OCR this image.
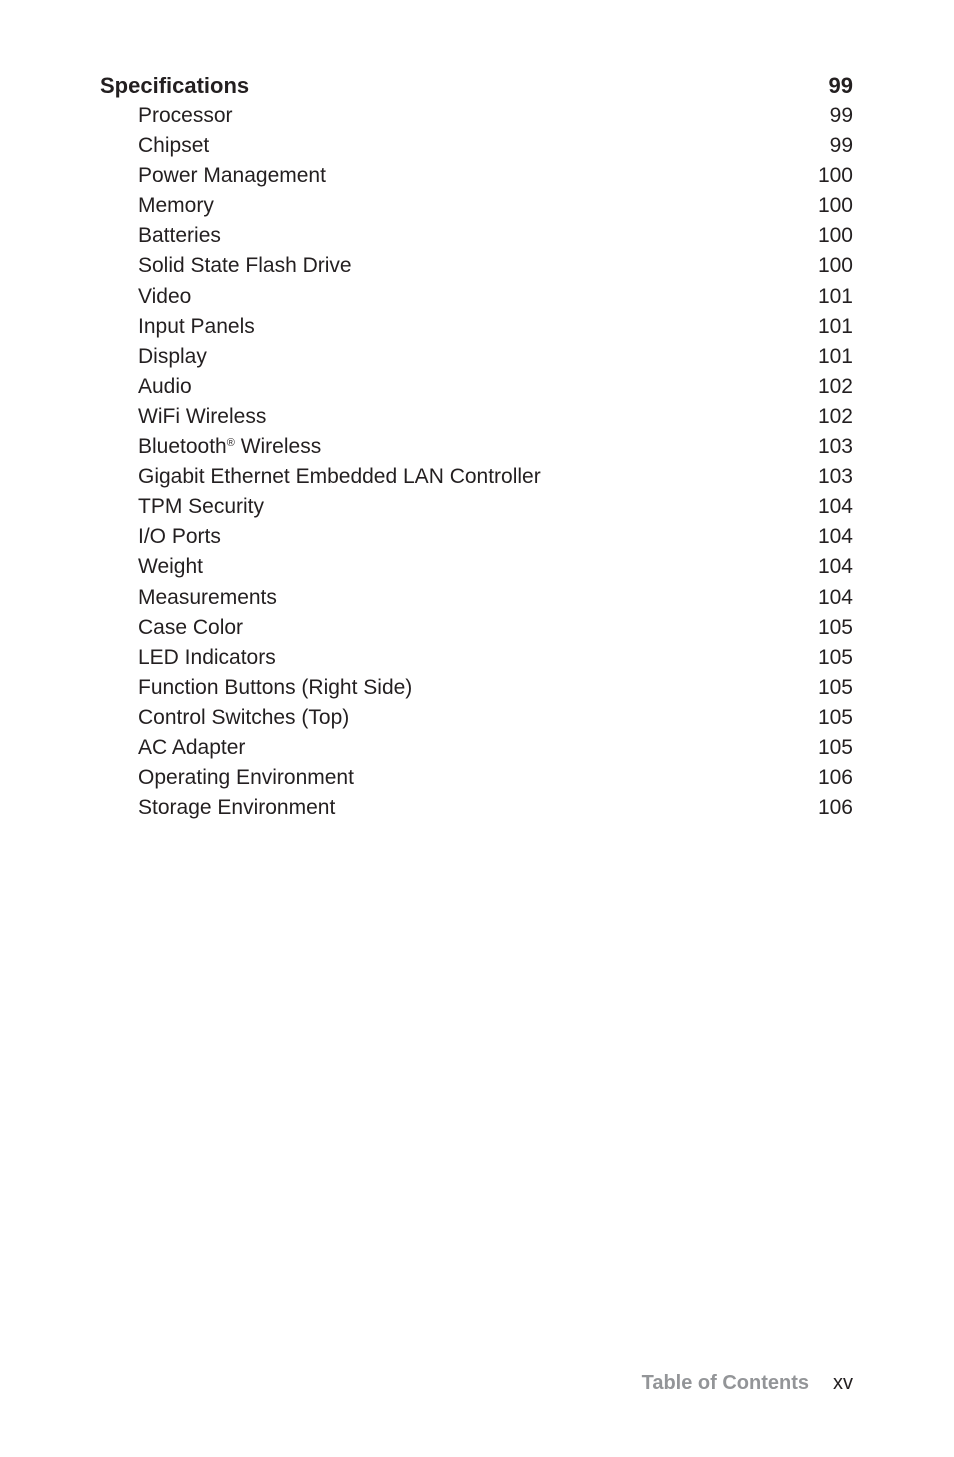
Specifications	99
Processor	99
Chipset	99
Power Management	100
Memory	100
Batteries	100
Solid State Flash Drive	100
Video	101
Input Panels	101
Display	101
Audio	102
WiFi Wireless	102
Bluetooth® Wireless	103
Gigabit Ethernet Embedded LAN Controller	103
TPM Security	104
I/O Ports	104
Weight	104
Measurements	104
Case Color	105
LED Indicators	105
Function Buttons (Right Side)	105
Control Switches (Top)	105
AC Adapter	105
Operating Environment	106
Storage Environment	106
Table of Contents xv
